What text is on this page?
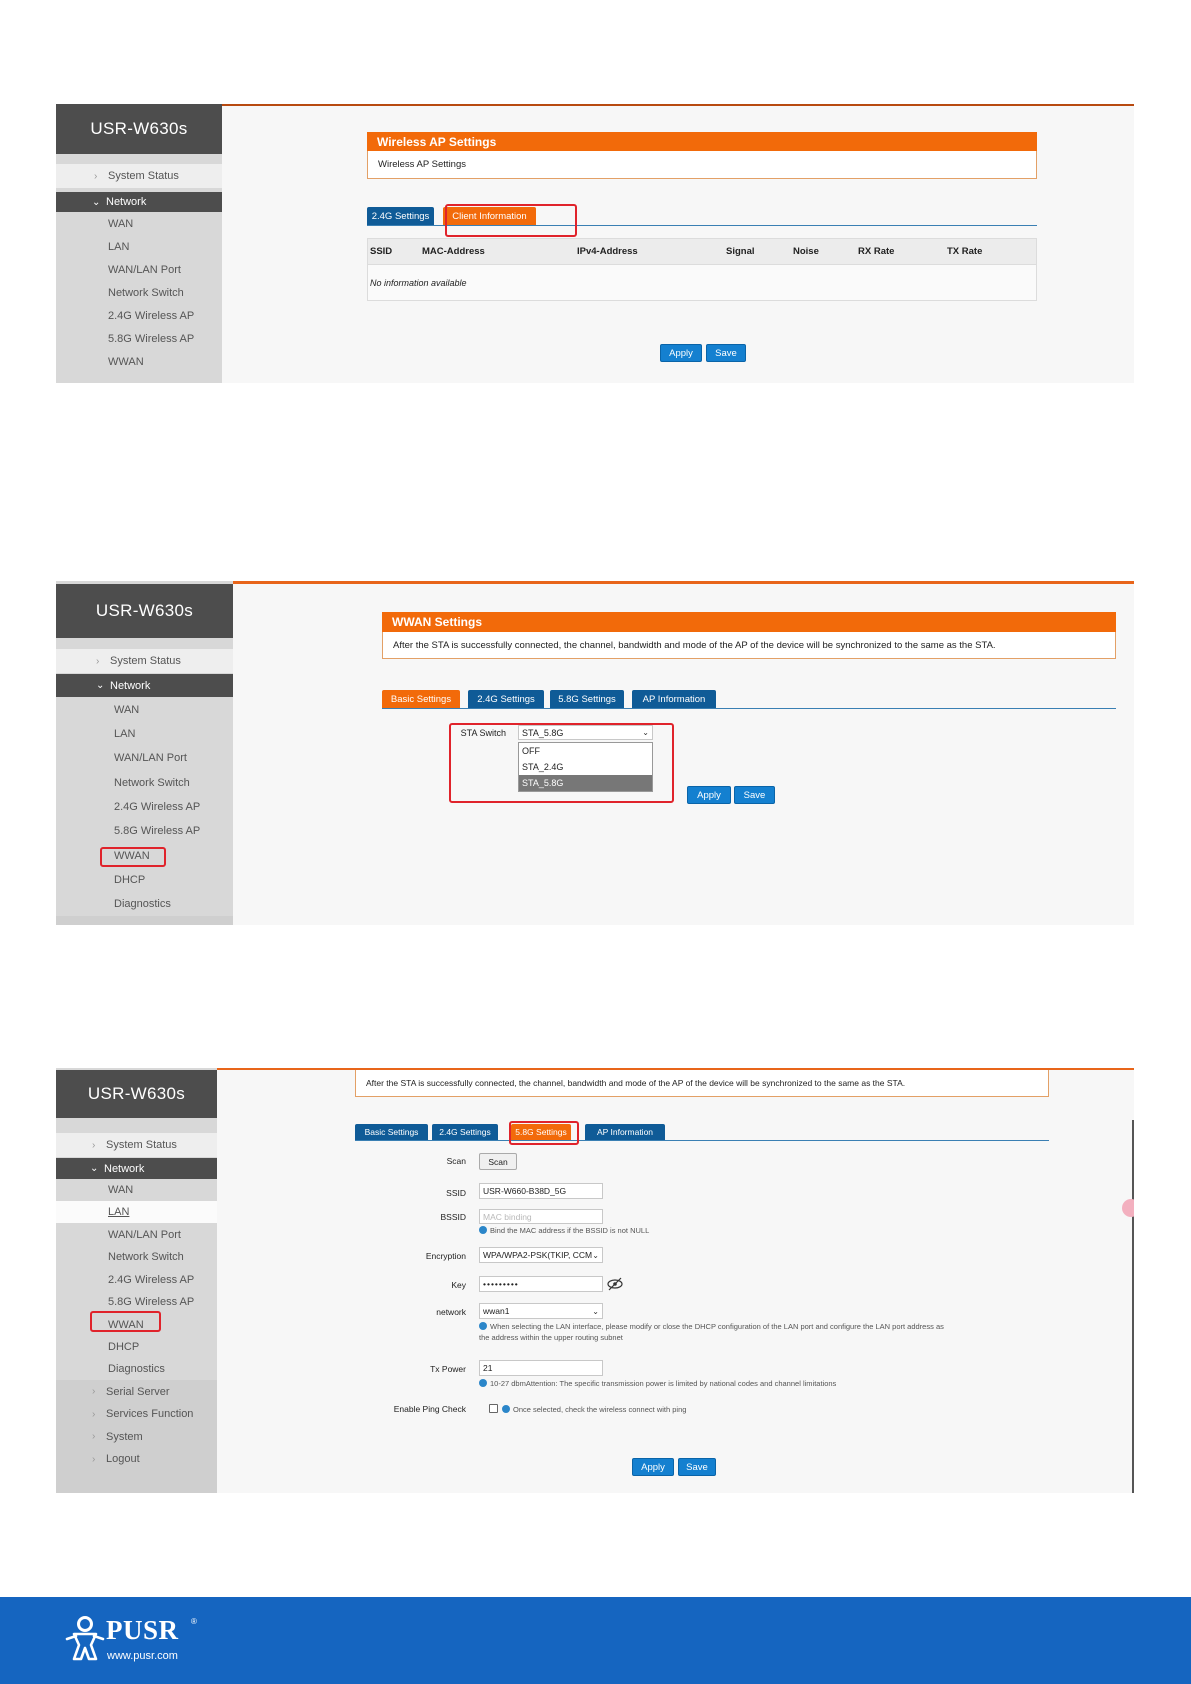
USR-W630s
› System Status
⌄ Network
WAN
LAN
WAN/LAN Port
Network Switch
2.4G Wireless AP
5.8G Wireless AP
WWAN
Wireless AP Settings
Wireless AP Settings
2.4G Settings	Client Information
SSID	MAC-Address	IPv4-Address	Signal	Noise	RX Rate	TX Rate
No information available
Apply	Save
USR-W630s
› System Status
⌄ Network
WAN
LAN
WAN/LAN Port
Network Switch
2.4G Wireless AP
5.8G Wireless AP
WWAN
DHCP
Diagnostics
WWAN Settings
After the STA is successfully connected, the channel, bandwidth and mode of the AP of the device will be synchronized to the same as the STA.
Basic Settings	2.4G Settings	5.8G Settings	AP Information
STA Switch STA_5.8G	⌄
OFF
STA_2.4G
STA_5.8G
Apply	Save
USR-W630s
› System Status
⌄ Network
WAN
LAN
WAN/LAN Port
Network Switch
2.4G Wireless AP
5.8G Wireless AP
WWAN
DHCP
Diagnostics
› Serial Server
› Services Function
› System
› Logout
After the STA is successfully connected, the channel, bandwidth and mode of the AP of the device will be synchronized to the same as the STA.
Basic Settings	2.4G Settings	5.8G Settings	AP Information
Scan	Scan
SSID	USR-W660-B38D_5G
BSSID	MAC binding
Bind the MAC address if the BSSID is not NULL
Encryption WPA/WPA2-PSK(TKIP, CCM ⌄
Key	•••••••••
network wwan1	⌄
When selecting the LAN interface, please modify or close the DHCP configuration of the LAN port and configure the LAN port address as
the address within the upper routing subnet
Tx Power	21
10-27 dbmAttention: The specific transmission power is limited by national codes and channel limitations
Enable Ping Check	Once selected, check the wireless connect with ping
Apply	Save
PUSR ®
www.pusr.com
